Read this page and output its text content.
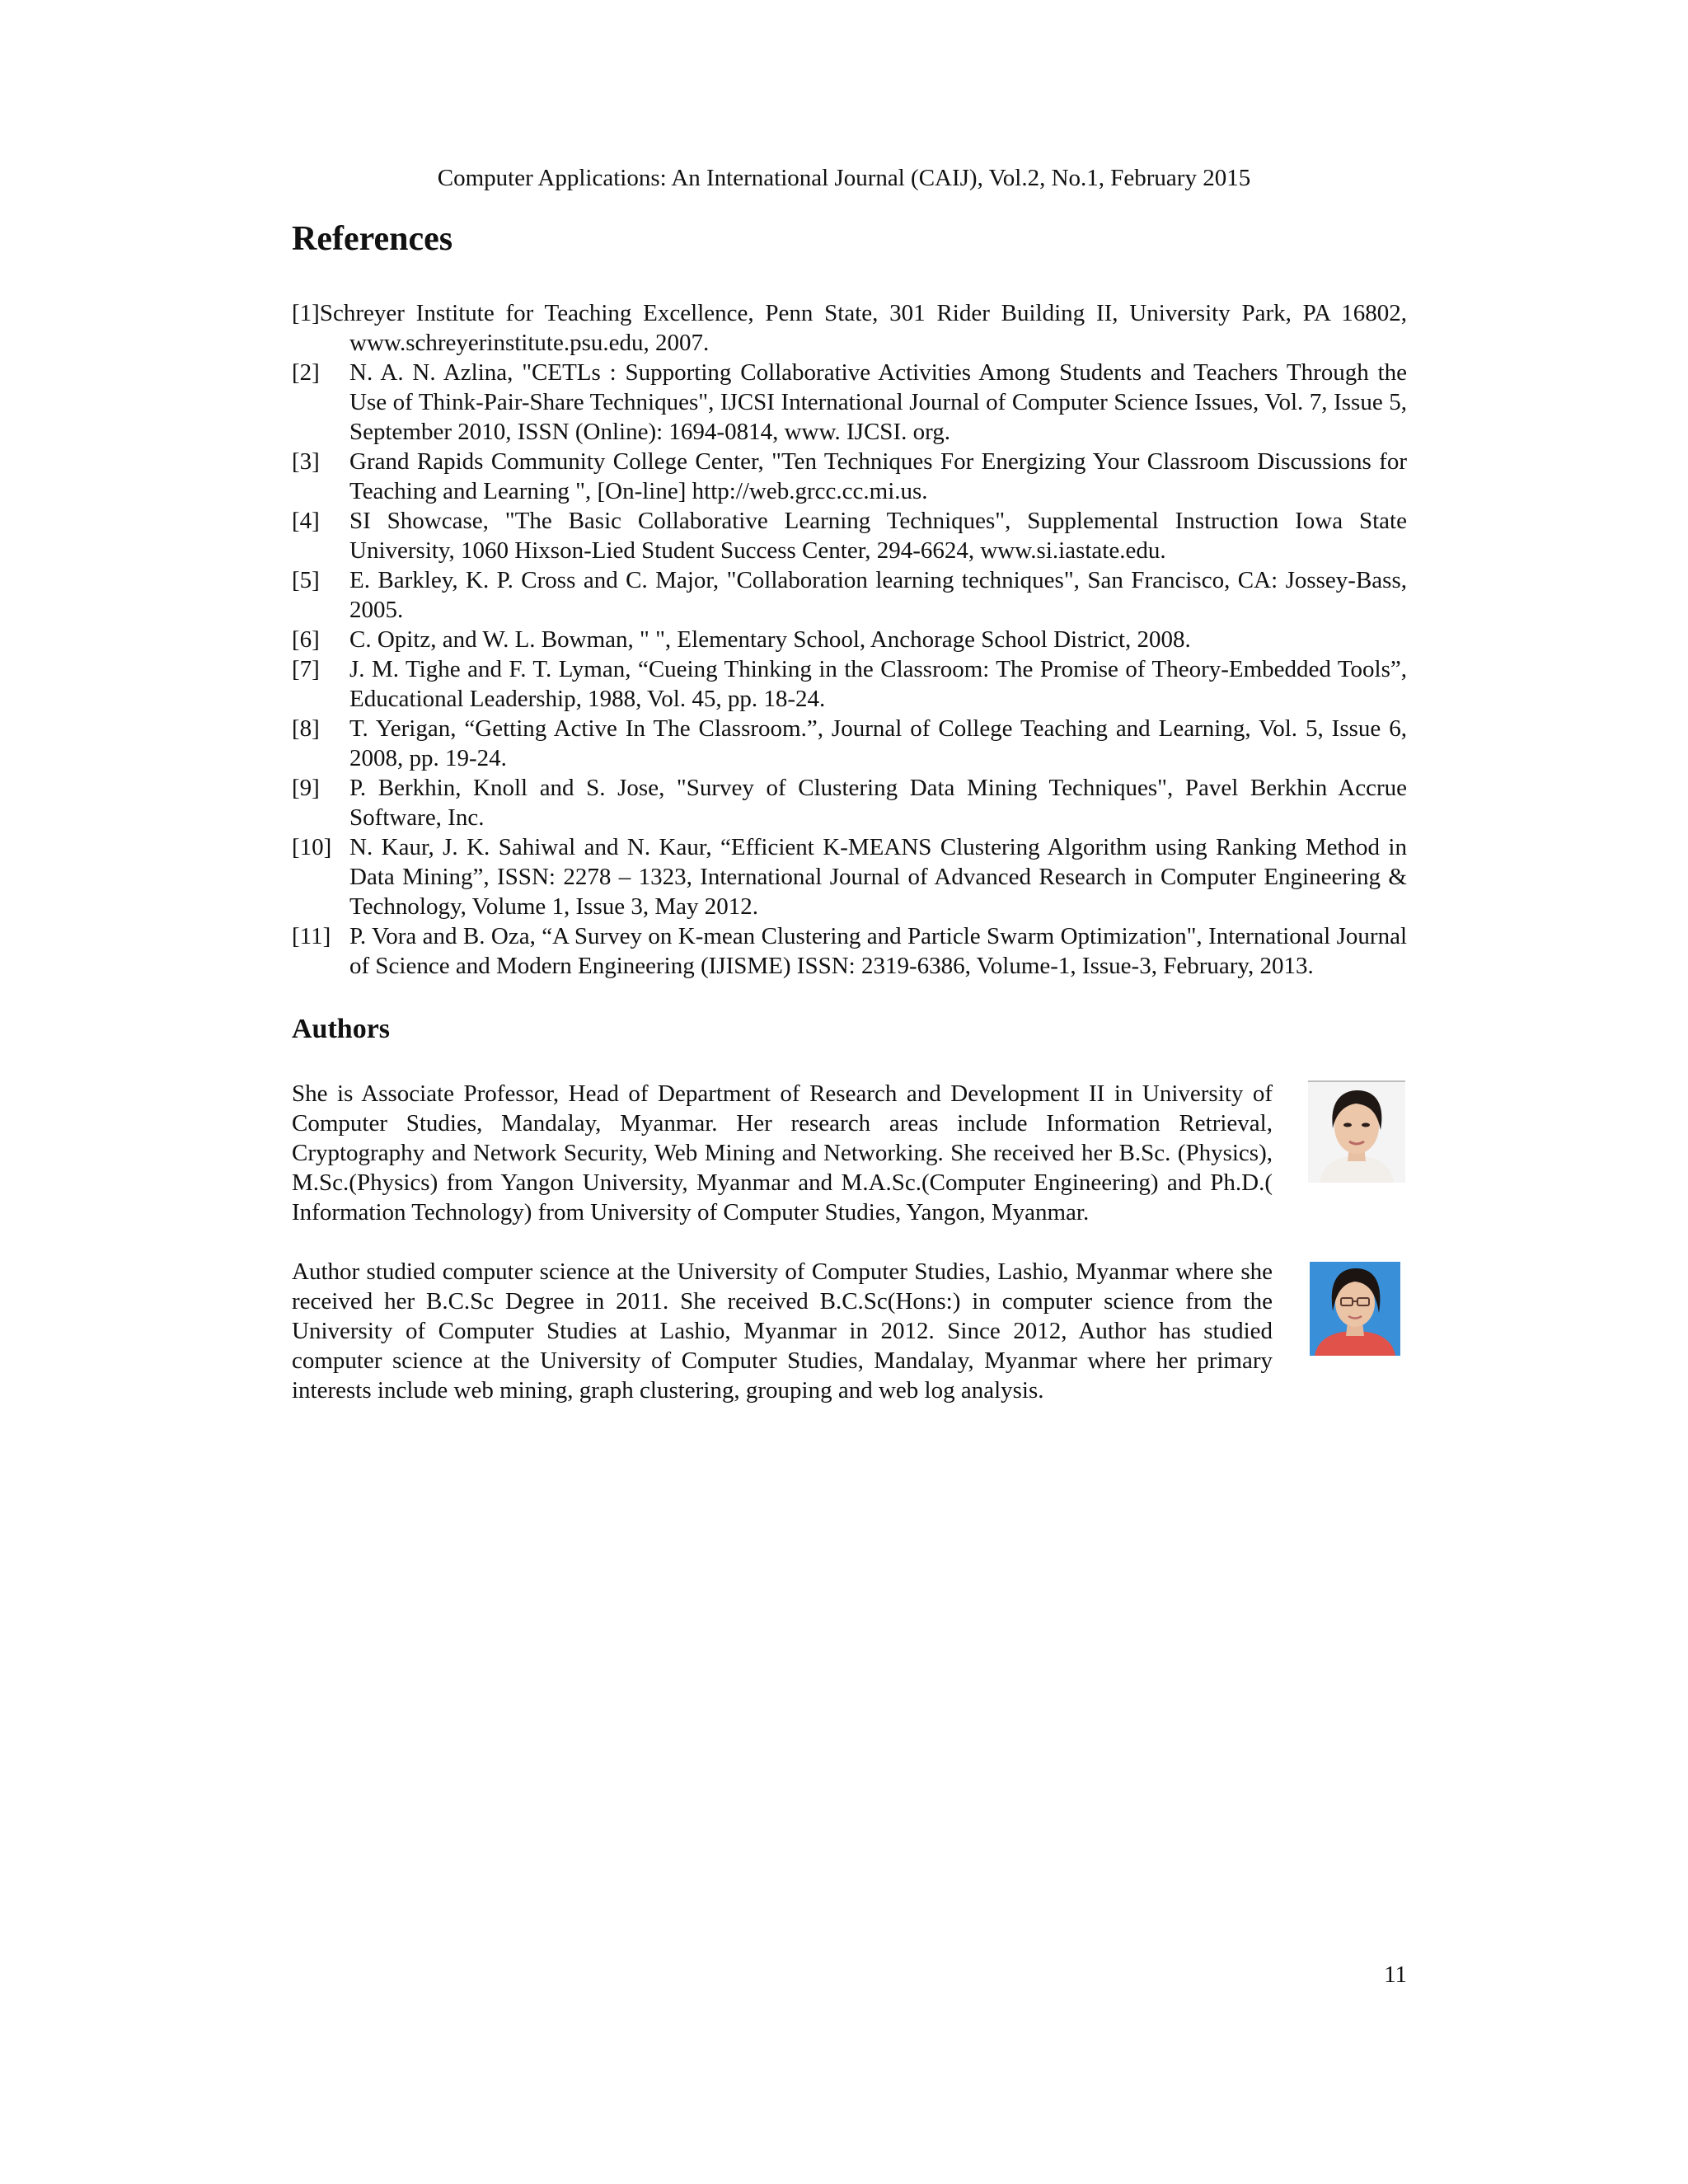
Computer Applications: An International Journal (CAIJ), Vol.2, No.1, February 2015
References
[1]Schreyer Institute for Teaching Excellence, Penn State, 301 Rider Building II, University Park, PA 16802, www.schreyerinstitute.psu.edu, 2007.
[2]	N. A. N. Azlina, "CETLs : Supporting Collaborative Activities Among Students and Teachers Through the Use of Think-Pair-Share Techniques", IJCSI International Journal of Computer Science Issues, Vol. 7, Issue 5, September 2010, ISSN (Online): 1694-0814, www. IJCSI. org.
[3]	Grand Rapids Community College Center, "Ten Techniques For Energizing Your Classroom Discussions for Teaching and Learning ", [On-line] http://web.grcc.cc.mi.us.
[4]	SI Showcase, "The Basic Collaborative Learning Techniques", Supplemental Instruction Iowa State University, 1060 Hixson-Lied Student Success Center, 294-6624, www.si.iastate.edu.
[5]	E. Barkley, K. P. Cross and C. Major, "Collaboration learning techniques", San Francisco, CA: Jossey-Bass, 2005.
[6]	C. Opitz, and W. L. Bowman, " ", Elementary School, Anchorage School District, 2008.
[7]	J. M. Tighe and F. T. Lyman, “Cueing Thinking in the Classroom: The Promise of Theory-Embedded Tools”, Educational Leadership, 1988, Vol. 45, pp. 18-24.
[8]	T. Yerigan, “Getting Active In The Classroom.”, Journal of College Teaching and Learning, Vol. 5, Issue 6, 2008, pp. 19-24.
[9]	P. Berkhin, Knoll and S. Jose, "Survey of Clustering Data Mining Techniques", Pavel Berkhin Accrue Software, Inc.
[10] N. Kaur, J. K. Sahiwal and N. Kaur, “Efficient K-MEANS Clustering Algorithm using Ranking Method in Data Mining”, ISSN: 2278 – 1323, International Journal of Advanced Research in Computer Engineering & Technology, Volume 1, Issue 3, May 2012.
[11] P. Vora and B. Oza, “A Survey on K-mean Clustering and Particle Swarm Optimization", International Journal of Science and Modern Engineering (IJISME) ISSN: 2319-6386, Volume-1, Issue-3, February, 2013.
Authors
She is Associate Professor, Head of Department of Research and Development II in University of Computer Studies, Mandalay, Myanmar. Her research areas include Information Retrieval, Cryptography and Network Security, Web Mining and Networking. She received her B.Sc. (Physics), M.Sc.(Physics) from Yangon University, Myanmar and M.A.Sc.(Computer Engineering) and Ph.D.( Information Technology) from University of Computer Studies, Yangon, Myanmar.
Author studied computer science at the University of Computer Studies, Lashio, Myanmar where she received her B.C.Sc Degree in 2011. She received B.C.Sc(Hons:) in computer science from the University of Computer Studies at Lashio, Myanmar in 2012. Since 2012, Author has studied computer science at the University of Computer Studies, Mandalay, Myanmar where her primary interests include web mining, graph clustering, grouping and web log analysis.
11
